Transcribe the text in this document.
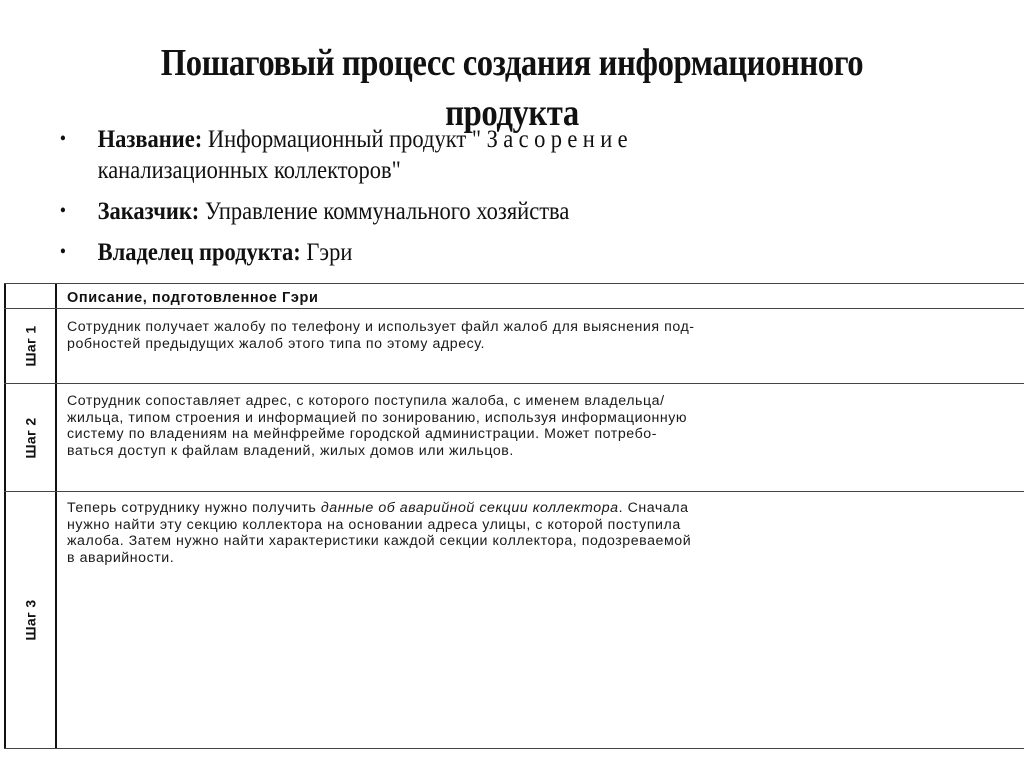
Пошаговый процесс создания информационного
продукта
• Название: Информационный продукт " Засорение канализационных коллекторов"
• Заказчик: Управление коммунального хозяйства
• Владелец продукта: Гэри
Описание, подготовленное Гэри
Шаг 1 Сотрудник получает жалобу по телефону и использует файл жалоб для выяснения под-
робностей предыдущих жалоб этого типа по этому адресу.
Шаг 2
Сотрудник сопоставляет адрес, с которого поступила жалоба, с именем владельца/
жильца, типом строения и информацией по зонированию, используя информационную
систему по владениям на мейнфрейме городской администрации. Может потребо-
ваться доступ к файлам владений, жилых домов или жильцов.
Шаг 3
Теперь сотруднику нужно получить данные об аварийной секции коллектора. Сначала
нужно найти эту секцию коллектора на основании адреса улицы, с которой поступила
жалоба. Затем нужно найти характеристики каждой секции коллектора, подозреваемой
в аварийности.
